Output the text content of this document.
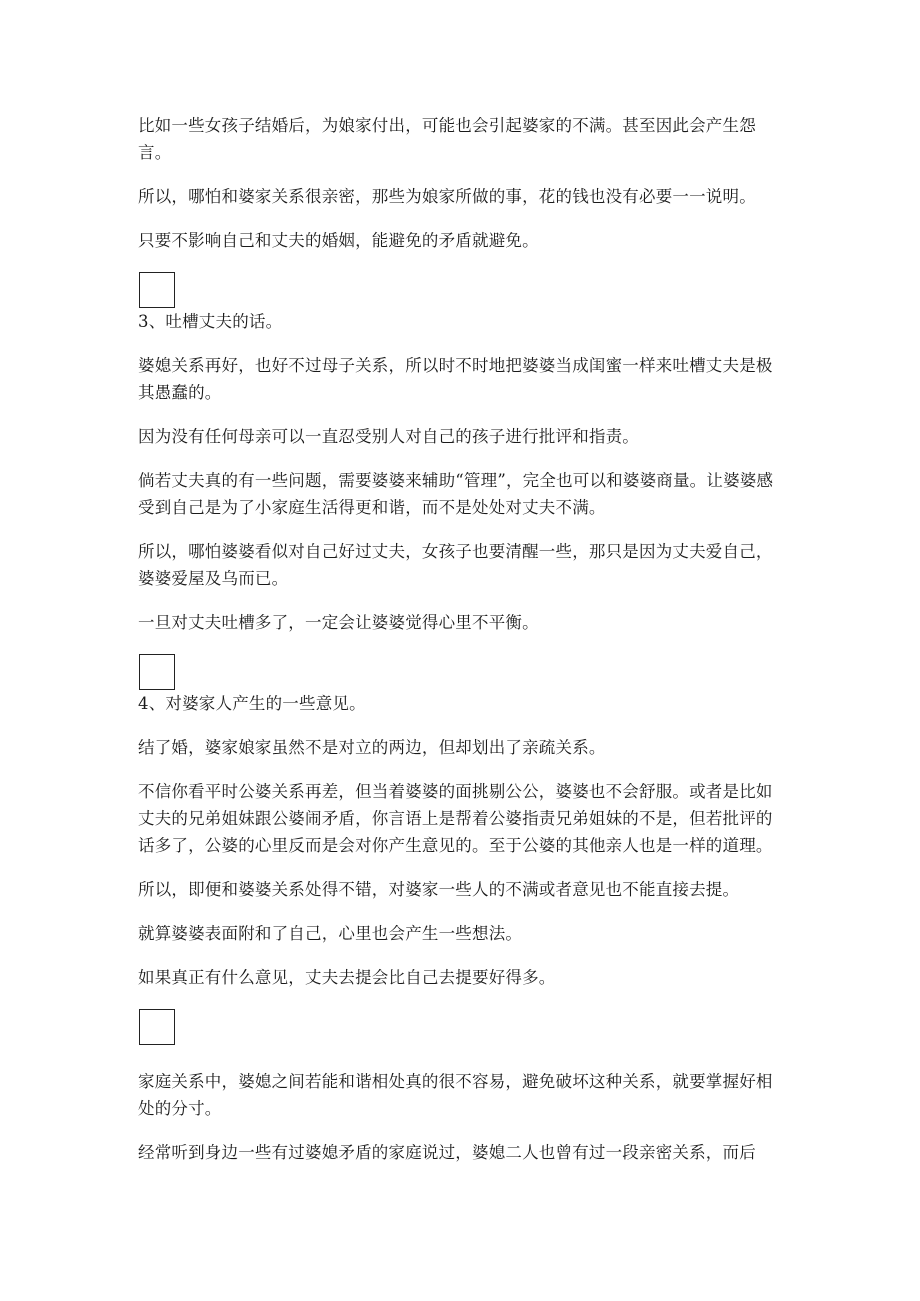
比如一些女孩子结婚后，为娘家付出，可能也会引起婆家的不满。甚至因此会产生怨言。

所以，哪怕和婆家关系很亲密，那些为娘家所做的事，花的钱也没有必要一一说明。

只要不影响自己和丈夫的婚姻，能避免的矛盾就避免。

3、吐槽丈夫的话。

婆媳关系再好，也好不过母子关系，所以时不时地把婆婆当成闺蜜一样来吐槽丈夫是极其愚蠢的。

因为没有任何母亲可以一直忍受别人对自己的孩子进行批评和指责。

倘若丈夫真的有一些问题，需要婆婆来辅助“管理”，完全也可以和婆婆商量。让婆婆感受到自己是为了小家庭生活得更和谐，而不是处处对丈夫不满。

所以，哪怕婆婆看似对自己好过丈夫，女孩子也要清醒一些，那只是因为丈夫爱自己，婆婆爱屋及乌而已。

一旦对丈夫吐槽多了，一定会让婆婆觉得心里不平衡。

4、对婆家人产生的一些意见。

结了婚，婆家娘家虽然不是对立的两边，但却划出了亲疏关系。

不信你看平时公婆关系再差，但当着婆婆的面挑剔公公，婆婆也不会舒服。或者是比如丈夫的兄弟姐妹跟公婆闹矛盾，你言语上是帮着公婆指责兄弟姐妹的不是，但若批评的话多了，公婆的心里反而是会对你产生意见的。至于公婆的其他亲人也是一样的道理。

所以，即便和婆婆关系处得不错，对婆家一些人的不满或者意见也不能直接去提。

就算婆婆表面附和了自己，心里也会产生一些想法。

如果真正有什么意见，丈夫去提会比自己去提要好得多。

家庭关系中，婆媳之间若能和谐相处真的很不容易，避免破坏这种关系，就要掌握好相处的分寸。

经常听到身边一些有过婆媳矛盾的家庭说过，婆媳二人也曾有过一段亲密关系，而后
